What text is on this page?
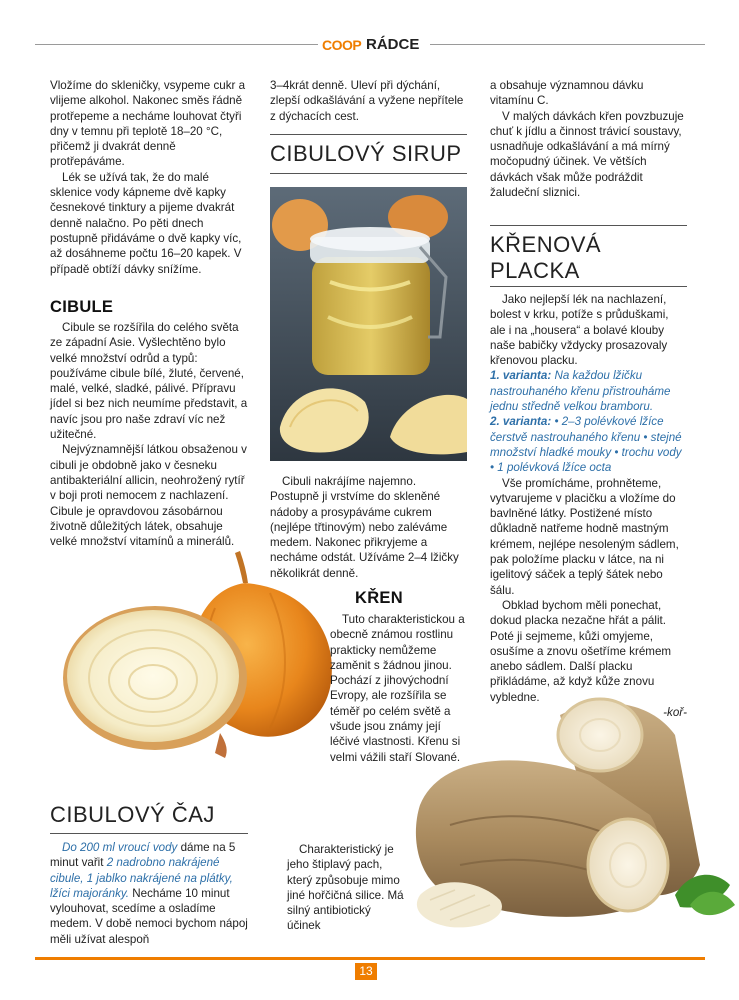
COOP RÁDCE

Vložíme do skleničky, vsypeme cukr a vlijeme alkohol. Nakonec směs řádně protřepeme a necháme louhovat čtyři dny v temnu při teplotě 18–20 °C, přičemž ji dvakrát denně protřepáváme.

Lék se užívá tak, že do malé sklenice vody kápneme dvě kapky česnekové tinktury a pijeme dvakrát denně nalačno. Po pěti dnech postupně přidáváme o dvě kapky víc, až dosáhneme počtu 16–20 kapek. V případě obtíží dávky snížíme.

CIBULE

Cibule se rozšířila do celého světa ze západní Asie. Vyšlechtěno bylo velké množství odrůd a typů: používáme cibule bílé, žluté, červené, malé, velké, sladké, pálivé. Přípravu jídel si bez nich neumíme představit, a navíc jsou pro naše zdraví víc než užitečné.

Nejvýznamnější látkou obsaženou v cibuli je obdobně jako v česneku antibakteriální allicin, neohrožený rytíř v boji proti nemocem z nachlazení. Cibule je opravdovou zásobárnou životně důležitých látek, obsahuje velké množství vitamínů a minerálů.

CIBULOVÝ ČAJ
Do 200 ml vroucí vody dáme na 5 minut vařit 2 nadrobno nakrájené cibule, 1 jablko nakrájené na plátky, lžíci majoránky. Necháme 10 minut vylouhovat, scedíme a osladíme medem. V době nemoci bychom nápoj měli užívat alespoň
3–4krát denně. Uleví při dýchání, zlepší odkašlávání a vyžene nepřítele z dýchacích cest.
CIBULOVÝ SIRUP
Cibuli nakrájíme najemno. Postupně ji vrstvíme do skleněné nádoby a prosypáváme cukrem (nejlépe třtinovým) nebo zaléváme medem. Nakonec přikryjeme a necháme odstát. Užíváme 2–4 lžičky několikrát denně.
KŘEN
Tuto charakteristickou a obecně známou rostlinu prakticky nemůžeme zaměnit s žádnou jinou. Pochází z jihovýchodní Evropy, ale rozšířila se téměř po celém světě a všude jsou známy její léčivé vlastnosti. Křenu si velmi vážili staří Slované.
Charakteristický je jeho štiplavý pach, který způsobuje mimo jiné hořčičná silice. Má silný antibiotický účinek

a obsahuje významnou dávku vitamínu C.

V malých dávkách křen povzbuzuje chuť k jídlu a činnost trávicí soustavy, usnadňuje odkašlávání a má mírný močopudný účinek. Ve větších dávkách však může podráždit žaludeční sliznici.

KŘENOVÁ
PLACKA

Jako nejlepší lék na nachlazení, bolest v krku, potíže s průduškami, ale i na „housera“ a bolavé klouby naše babičky vždycky prosazovaly křenovou placku.

1. varianta: Na každou lžičku nastrouhaného křenu přistrouháme jednu středně velkou bramboru.

2. varianta: • 2–3 polévkové lžíce čerstvě nastrouhaného křenu • stejné množství hladké mouky • trochu vody • 1 polévková lžíce octa

Vše promícháme, prohněteme, vytvarujeme v placičku a vložíme do bavlněné látky. Postižené místo důkladně natřeme hodně mastným krémem, nejlépe nesoleným sádlem, pak položíme placku v látce, na ni igelitový sáček a teplý šátek nebo šálu.

Obklad bychom měli ponechat, dokud placka nezačne hřát a pálit. Poté ji sejmeme, kůži omyjeme, osušíme a znovu ošetříme krémem anebo sádlem. Další placku přikládáme, až když kůže znovu vybledne.

-koř-

13
